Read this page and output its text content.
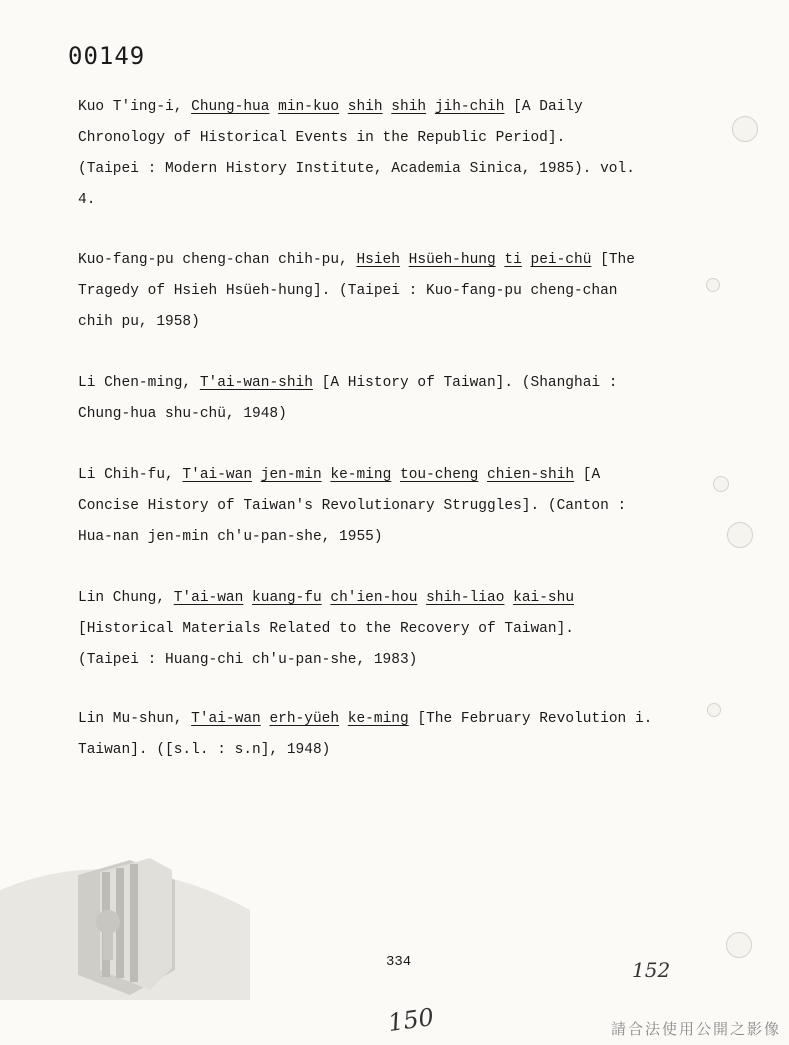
00149
Kuo T'ing-i, Chung-hua min-kuo shih shih jih-chih [A Daily
Chronology of Historical Events in the Republic Period].
(Taipei : Modern History Institute, Academia Sinica, 1985). vol.
4.
Kuo-fang-pu cheng-chan chih-pu, Hsieh Hsüeh-hung ti pei-chü [The
Tragedy of Hsieh Hsüeh-hung]. (Taipei : Kuo-fang-pu cheng-chan
chih pu, 1958)
Li Chen-ming, T'ai-wan-shih [A History of Taiwan]. (Shanghai :
Chung-hua shu-chü, 1948)
Li Chih-fu, T'ai-wan jen-min ke-ming tou-cheng chien-shih [A
Concise History of Taiwan's Revolutionary Struggles]. (Canton :
Hua-nan jen-min ch'u-pan-she, 1955)
Lin Chung, T'ai-wan kuang-fu ch'ien-hou shih-liao kai-shu
[Historical Materials Related to the Recovery of Taiwan].
(Taipei : Huang-chi ch'u-pan-she, 1983)
Lin Mu-shun, T'ai-wan erh-yüeh ke-ming [The February Revolution i.
Taiwan]. ([s.l. : s.n], 1948)
334	152
150	請合法使用公開之影像
